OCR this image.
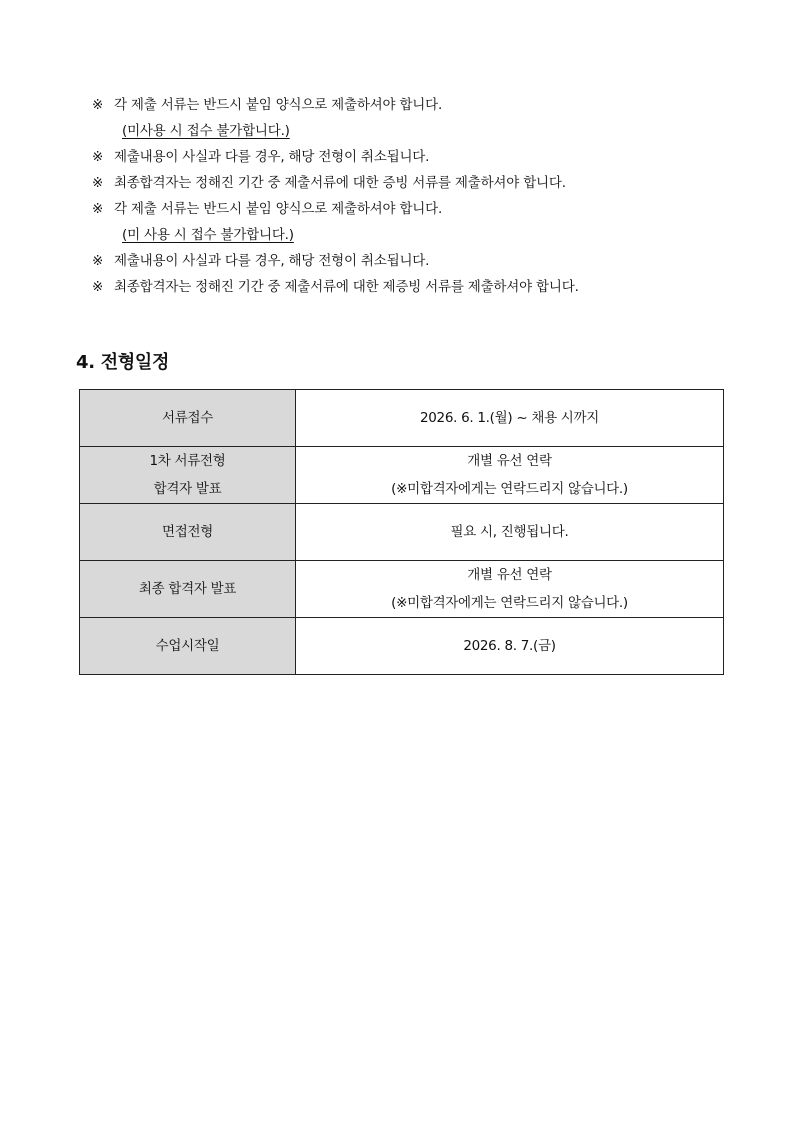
※ 각 제출 서류는 반드시 붙임 양식으로 제출하셔야 합니다.
(미사용 시 접수 불가합니다.)
※ 제출내용이 사실과 다를 경우, 해당 전형이 취소됩니다.
※ 최종합격자는 정해진 기간 중 제출서류에 대한 증빙 서류를 제출하셔야 합니다.
※ 각 제출 서류는 반드시 붙임 양식으로 제출하셔야 합니다.
(미 사용 시 접수 불가합니다.)
※ 제출내용이 사실과 다를 경우, 해당 전형이 취소됩니다.
※ 최종합격자는 정해진 기간 중 제출서류에 대한 제증빙 서류를 제출하셔야 합니다.
4. 전형일정
서류접수	2026. 6. 1.(월) ~ 채용 시까지

1차 서류전형
합격자 발표	개별 유선 연락
(※미합격자에게는 연락드리지 않습니다.)

면접전형	필요 시, 진행됩니다.

최종 합격자 발표	개별 유선 연락
(※미합격자에게는 연락드리지 않습니다.)

수업시작일	2026. 8. 7.(금)
